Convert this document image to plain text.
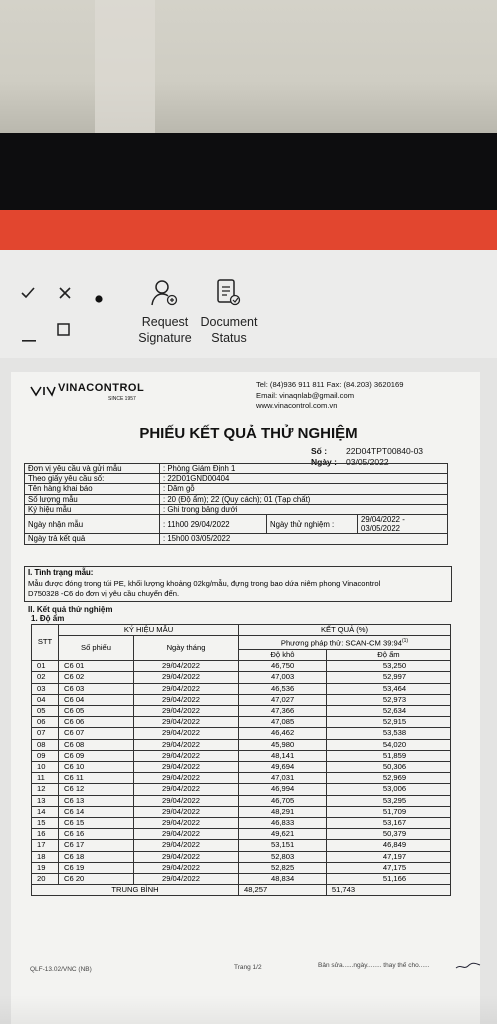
Request
Signature
Document
Status
VINACONTROL
SINCE 1957
Tel: (84)936 911 811 Fax: (84.203) 3620169
Email: vinaqnlab@gmail.com
www.vinacontrol.com.vn
PHIẾU KẾT QUẢ THỬ NGHIỆM
Số : 22D04TPT00840-03
Ngày : 03/05/2022
Đơn vị yêu cầu và gửi mẫu	: Phòng Giám Định 1		
Theo giấy yêu cầu số:	: 22D01GND00404		
Tên hàng khai báo	: Dăm gỗ		
Số lượng mẫu	: 20 (Độ ẩm); 22 (Quy cách); 01 (Tạp chất)		
Ký hiệu mẫu	: Ghi trong bảng dưới		
Ngày nhận mẫu	: 11h00 29/04/2022	Ngày thử nghiệm :	29/04/2022 - 03/05/2022
Ngày trả kết quả	: 15h00 03/05/2022		
I. Tình trạng mẫu:
Mẫu được đóng trong túi PE, khối lượng khoảng 02kg/mẫu, đựng trong bao dứa niêm phong Vinacontrol
D750328 -C6 do đơn vị yêu cầu chuyển đến.
II. Kết quả thử nghiệm
1. Độ ẩm
STT	KÝ HIỆU MẪU		KẾT QUẢ (%)	
	Số phiếu	Ngày tháng	Phương pháp thử: SCAN-CM 39:94$^{(1)}$
			Độ khô	Độ ẩm
01	C6 01	29/04/2022	46,750	53,250
02	C6 02	29/04/2022	47,003	52,997
03	C6 03	29/04/2022	46,536	53,464
04	C6 04	29/04/2022	47,027	52,973
05	C6 05	29/04/2022	47,366	52,634
06	C6 06	29/04/2022	47,085	52,915
07	C6 07	29/04/2022	46,462	53,538
08	C6 08	29/04/2022	45,980	54,020
09	C6 09	29/04/2022	48,141	51,859
10	C6 10	29/04/2022	49,694	50,306
11	C6 11	29/04/2022	47,031	52,969
12	C6 12	29/04/2022	46,994	53,006
13	C6 13	29/04/2022	46,705	53,295
14	C6 14	29/04/2022	48,291	51,709
15	C6 15	29/04/2022	46,833	53,167
16	C6 16	29/04/2022	49,621	50,379
17	C6 17	29/04/2022	53,151	46,849
18	C6 18	29/04/2022	52,803	47,197
19	C6 19	29/04/2022	52,825	47,175
20	C6 20	29/04/2022	48,834	51,166
TRUNG BÌNH			48,257	51,743
QLF-13.02/VNC (NB)	Trang 1/2	Bản sửa......ngày........ thay thế cho......
